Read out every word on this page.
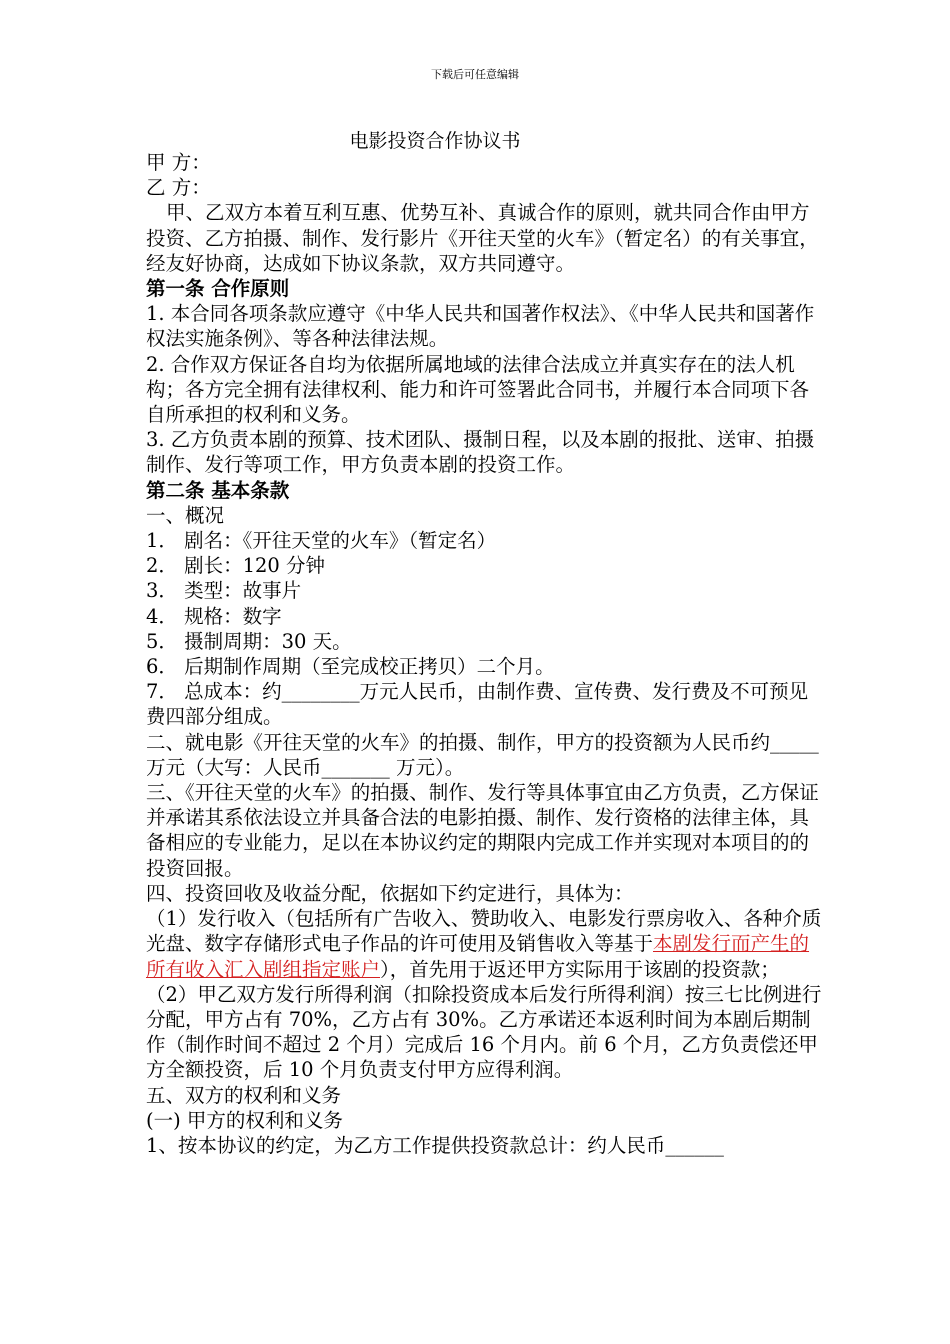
下载后可任意编辑
电影投资合作协议书

甲 方：

乙 方：

甲、乙双方本着互利互惠、优势互补、真诚合作的原则，就共同合作由甲方投资、乙方拍摄、制作、发行影片《开往天堂的火车》（暂定名）的有关事宜，经友好协商，达成如下协议条款，双方共同遵守。

第一条 合作原则

1. 本合同各项条款应遵守《中华人民共和国著作权法》、《中华人民共和国著作权法实施条例》、等各种法律法规。

2. 合作双方保证各自均为依据所属地域的法律合法成立并真实存在的法人机构；各方完全拥有法律权利、能力和许可签署此合同书，并履行本合同项下各自所承担的权利和义务。

3. 乙方负责本剧的预算、技术团队、摄制日程，以及本剧的报批、送审、拍摄制作、发行等项工作，甲方负责本剧的投资工作。

第二条 基本条款

一、概况

1． 剧名：《开往天堂的火车》（暂定名）

2． 剧长：120 分钟

3． 类型：故事片

4． 规格：数字

5． 摄制周期：30 天。

6． 后期制作周期（至完成校正拷贝）二个月。

7． 总成本：约________万元人民币，由制作费、宣传费、发行费及不可预见费四部分组成。

二、就电影《开往天堂的火车》的拍摄、制作，甲方的投资额为人民币约_____万元（大写：人民币_______ 万元）。

三、《开往天堂的火车》的拍摄、制作、发行等具体事宜由乙方负责，乙方保证并承诺其系依法设立并具备合法的电影拍摄、制作、发行资格的法律主体，具备相应的专业能力，足以在本协议约定的期限内完成工作并实现对本项目的的投资回报。

四、投资回收及收益分配，依据如下约定进行，具体为：

（1）发行收入（包括所有广告收入、赞助收入、电影发行票房收入、各种介质光盘、数字存储形式电子作品的许可使用及销售收入等基于本剧发行而产生的所有收入汇入剧组指定账户），首先用于返还甲方实际用于该剧的投资款；

（2）甲乙双方发行所得利润（扣除投资成本后发行所得利润）按三七比例进行分配，甲方占有 70%，乙方占有 30%。乙方承诺还本返利时间为本剧后期制作（制作时间不超过 2 个月）完成后 16 个月内。前 6 个月，乙方负责偿还甲方全额投资，后 10 个月负责支付甲方应得利润。

五、双方的权利和义务

(一) 甲方的权利和义务

1、按本协议的约定，为乙方工作提供投资款总计：约人民币______
